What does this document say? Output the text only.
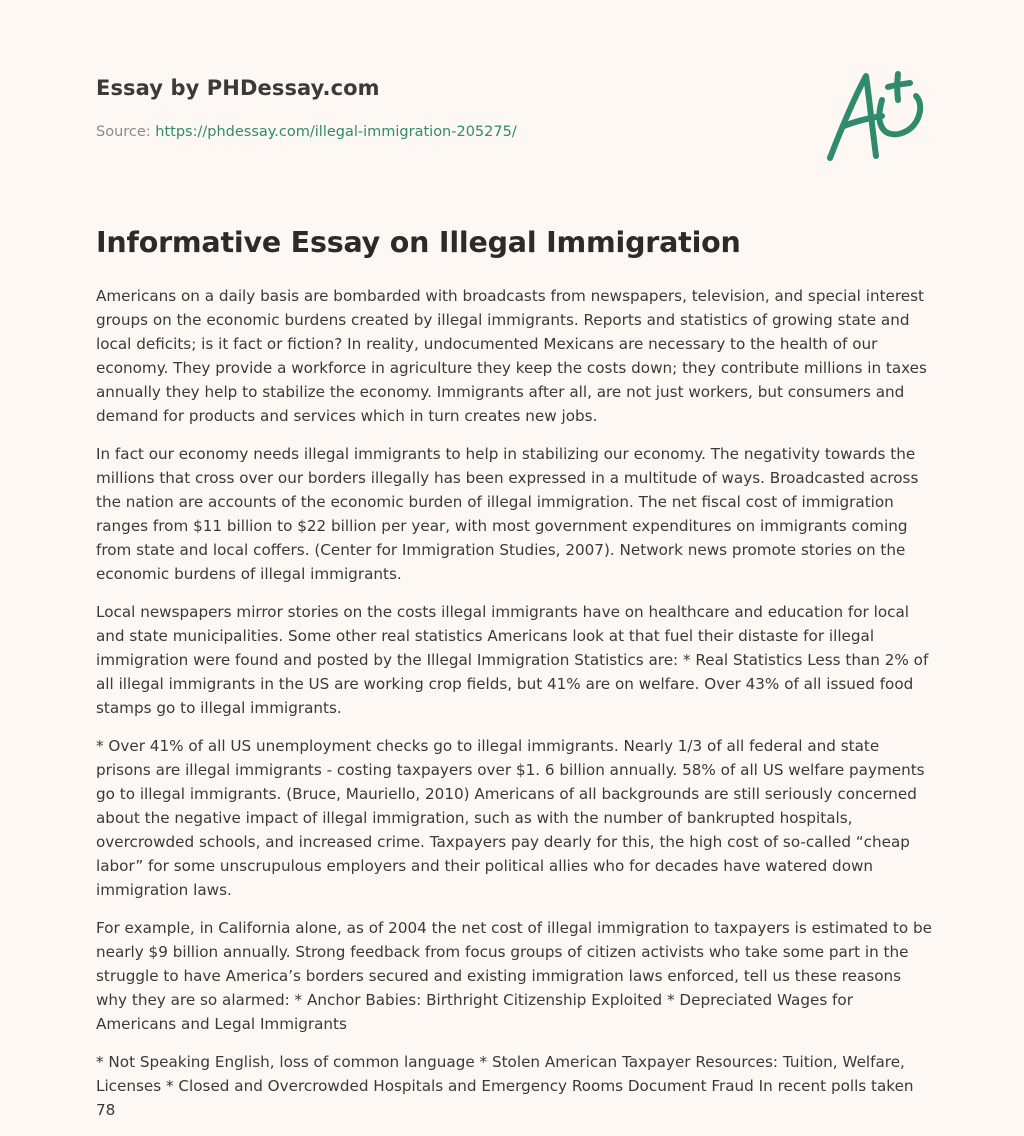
Essay by PHDessay.com
Source: https://phdessay.com/illegal-immigration-205275/
Informative Essay on Illegal Immigration

Americans on a daily basis are bombarded with broadcasts from newspapers, television, and special interest groups on the economic burdens created by illegal immigrants. Reports and statistics of growing state and local deficits; is it fact or fiction? In reality, undocumented Mexicans are necessary to the health of our economy. They provide a workforce in agriculture they keep the costs down; they contribute millions in taxes annually they help to stabilize the economy. Immigrants after all, are not just workers, but consumers and demand for products and services which in turn creates new jobs.

In fact our economy needs illegal immigrants to help in stabilizing our economy. The negativity towards the millions that cross over our borders illegally has been expressed in a multitude of ways. Broadcasted across the nation are accounts of the economic burden of illegal immigration. The net fiscal cost of immigration ranges from $11 billion to $22 billion per year, with most government expenditures on immigrants coming from state and local coffers. (Center for Immigration Studies, 2007). Network news promote stories on the economic burdens of illegal immigrants.

Local newspapers mirror stories on the costs illegal immigrants have on healthcare and education for local and state municipalities. Some other real statistics Americans look at that fuel their distaste for illegal immigration were found and posted by the Illegal Immigration Statistics are: * Real Statistics Less than 2% of all illegal immigrants in the US are working crop fields, but 41% are on welfare. Over 43% of all issued food stamps go to illegal immigrants.

* Over 41% of all US unemployment checks go to illegal immigrants. Nearly 1/3 of all federal and state prisons are illegal immigrants - costing taxpayers over $1. 6 billion annually. 58% of all US welfare payments go to illegal immigrants. (Bruce, Mauriello, 2010) Americans of all backgrounds are still seriously concerned about the negative impact of illegal immigration, such as with the number of bankrupted hospitals, overcrowded schools, and increased crime. Taxpayers pay dearly for this, the high cost of so-called “cheap labor” for some unscrupulous employers and their political allies who for decades have watered down immigration laws.

For example, in California alone, as of 2004 the net cost of illegal immigration to taxpayers is estimated to be nearly $9 billion annually. Strong feedback from focus groups of citizen activists who take some part in the struggle to have America’s borders secured and existing immigration laws enforced, tell us these reasons why they are so alarmed: * Anchor Babies: Birthright Citizenship Exploited * Depreciated Wages for Americans and Legal Immigrants

* Not Speaking English, loss of common language * Stolen American Taxpayer Resources: Tuition, Welfare, Licenses * Closed and Overcrowded Hospitals and Emergency Rooms Document Fraud In recent polls taken 78
